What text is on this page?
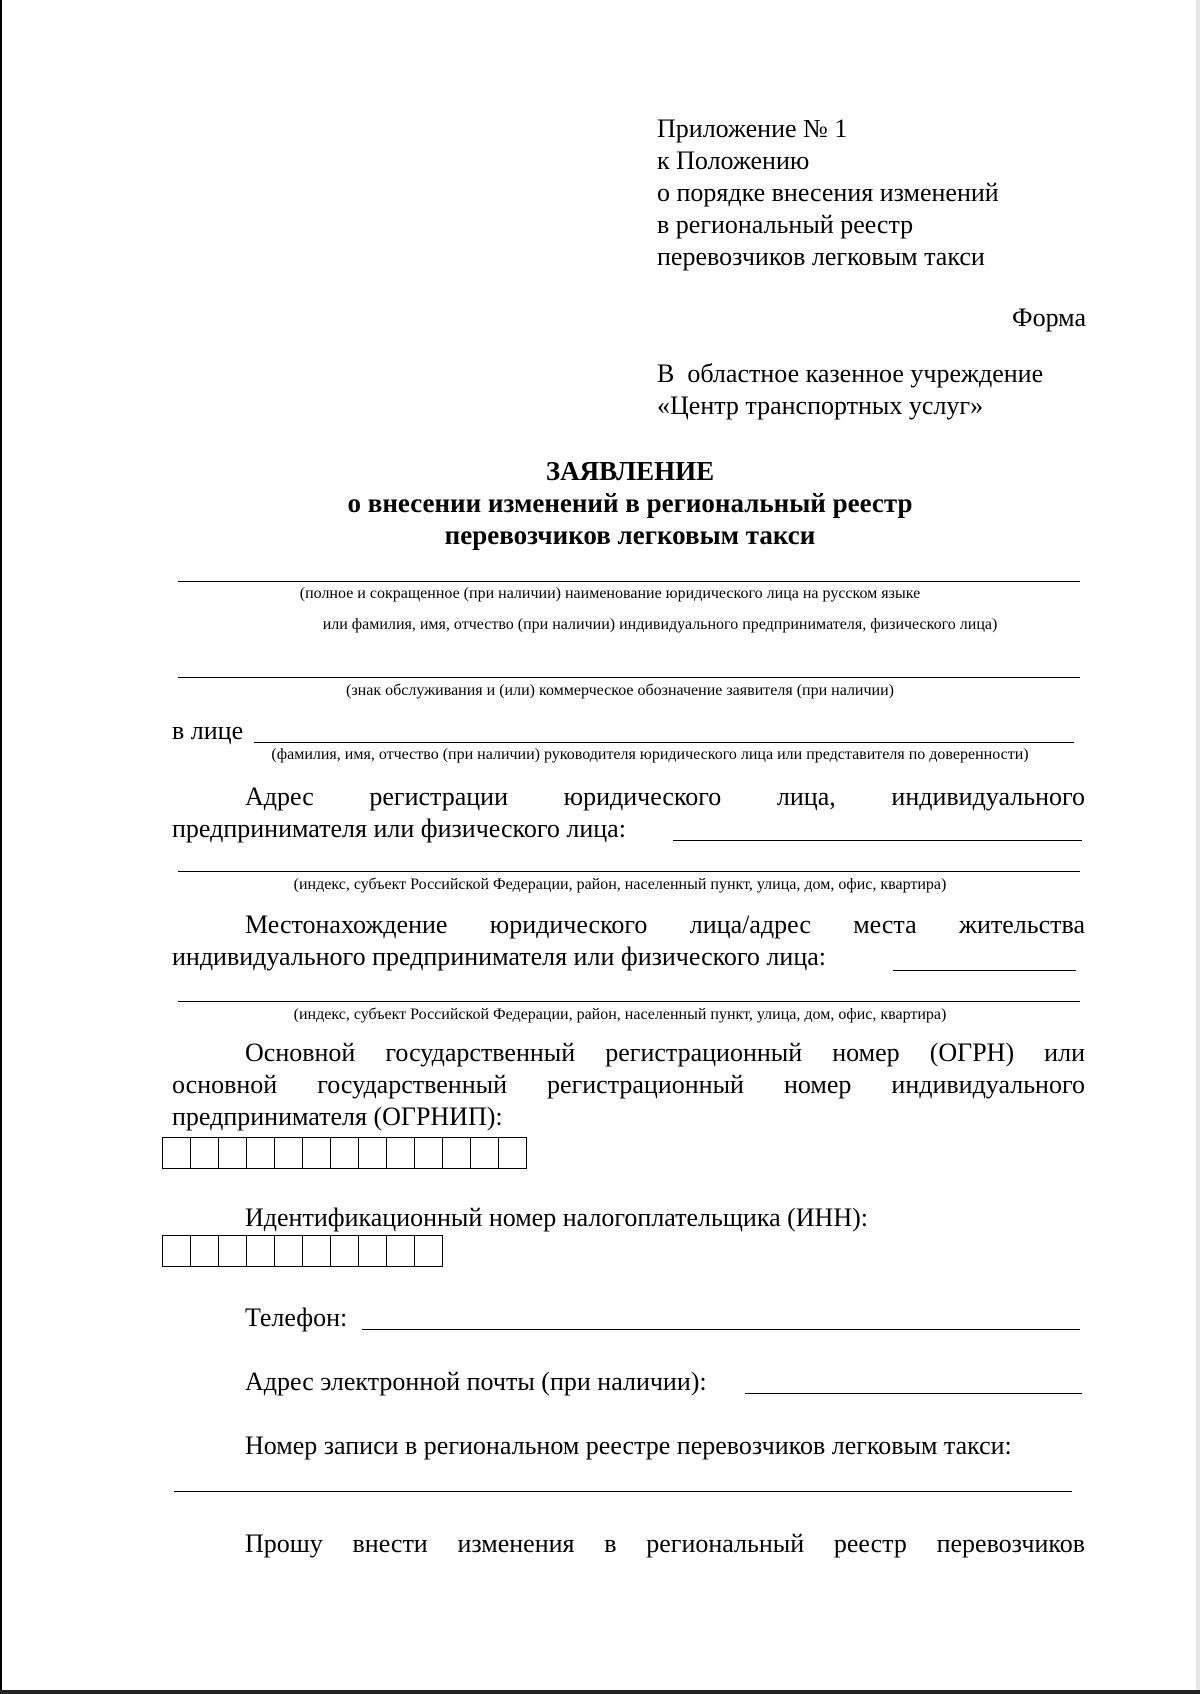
Приложение № 1
к Положению
о порядке внесения изменений
в региональный реестр
перевозчиков легковым такси
Форма
В  областное казенное учреждение
«Центр транспортных услуг»
ЗАЯВЛЕНИЕ
о внесении изменений в региональный реестр
перевозчиков легковым такси
(полное и сокращенное (при наличии) наименование юридического лица на русском языке
или фамилия, имя, отчество (при наличии) индивидуального предпринимателя, физического лица)
(знак обслуживания и (или) коммерческое обозначение заявителя (при наличии)
в лице
(фамилия, имя, отчество (при наличии) руководителя юридического лица или представителя по доверенности)
Адрес регистрации юридического лица, индивидуального
предпринимателя или физического лица:
(индекс, субъект Российской Федерации, район, населенный пункт, улица, дом, офис, квартира)
Местонахождение юридического лица/адрес места жительства
индивидуального предпринимателя или физического лица:
(индекс, субъект Российской Федерации, район, населенный пункт, улица, дом, офис, квартира)
Основной государственный регистрационный номер (ОГРН) или
основной государственный регистрационный номер индивидуального
предпринимателя (ОГРНИП):
Идентификационный номер налогоплательщика (ИНН):
Телефон:
Адрес электронной почты (при наличии):
Номер записи в региональном реестре перевозчиков легковым такси:
Прошу внести изменения в региональный реестр перевозчиков
